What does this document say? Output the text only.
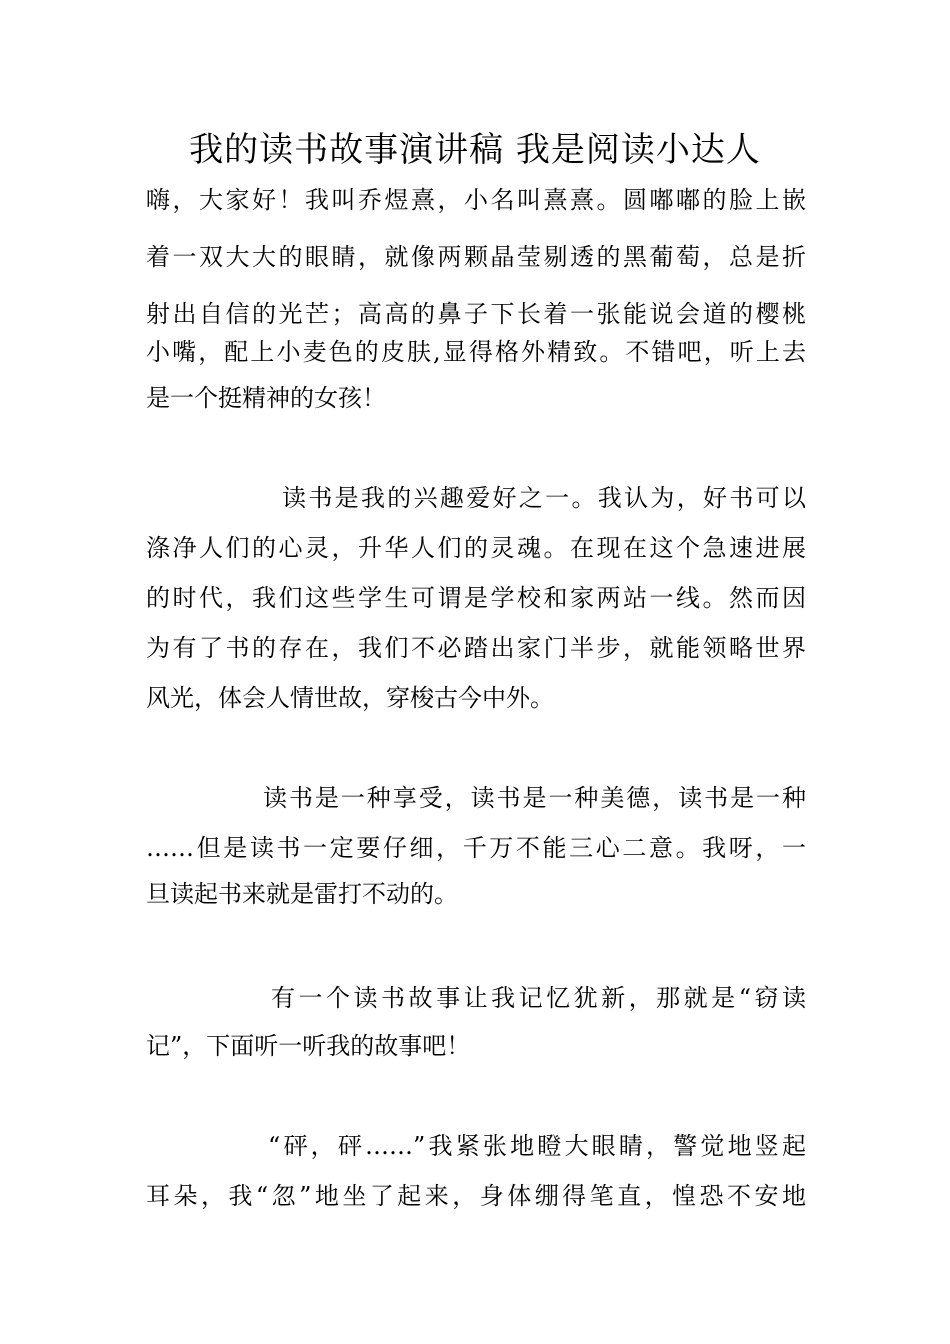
我的读书故事演讲稿 我是阅读小达人
嗨，大家好！我叫乔煜熹，小名叫熹熹。圆嘟嘟的脸上嵌
着一双大大的眼睛，就像两颗晶莹剔透的黑葡萄，总是折
射出自信的光芒；高高的鼻子下长着一张能说会道的樱桃
小嘴，配上小麦色的皮肤,显得格外精致。不错吧，听上去
是一个挺精神的女孩！
读书是我的兴趣爱好之一。我认为，好书可以
涤净人们的心灵，升华人们的灵魂。在现在这个急速进展
的时代，我们这些学生可谓是学校和家两站一线。然而因
为有了书的存在，我们不必踏出家门半步，就能领略世界
风光，体会人情世故，穿梭古今中外。
读书是一种享受，读书是一种美德，读书是一种
……但是读书一定要仔细，千万不能三心二意。我呀，一
旦读起书来就是雷打不动的。
有一个读书故事让我记忆犹新，那就是“窃读
记”，下面听一听我的故事吧！
“砰，砰……”我紧张地瞪大眼睛，警觉地竖起
耳朵，我“忽”地坐了起来，身体绷得笔直，惶恐不安地
